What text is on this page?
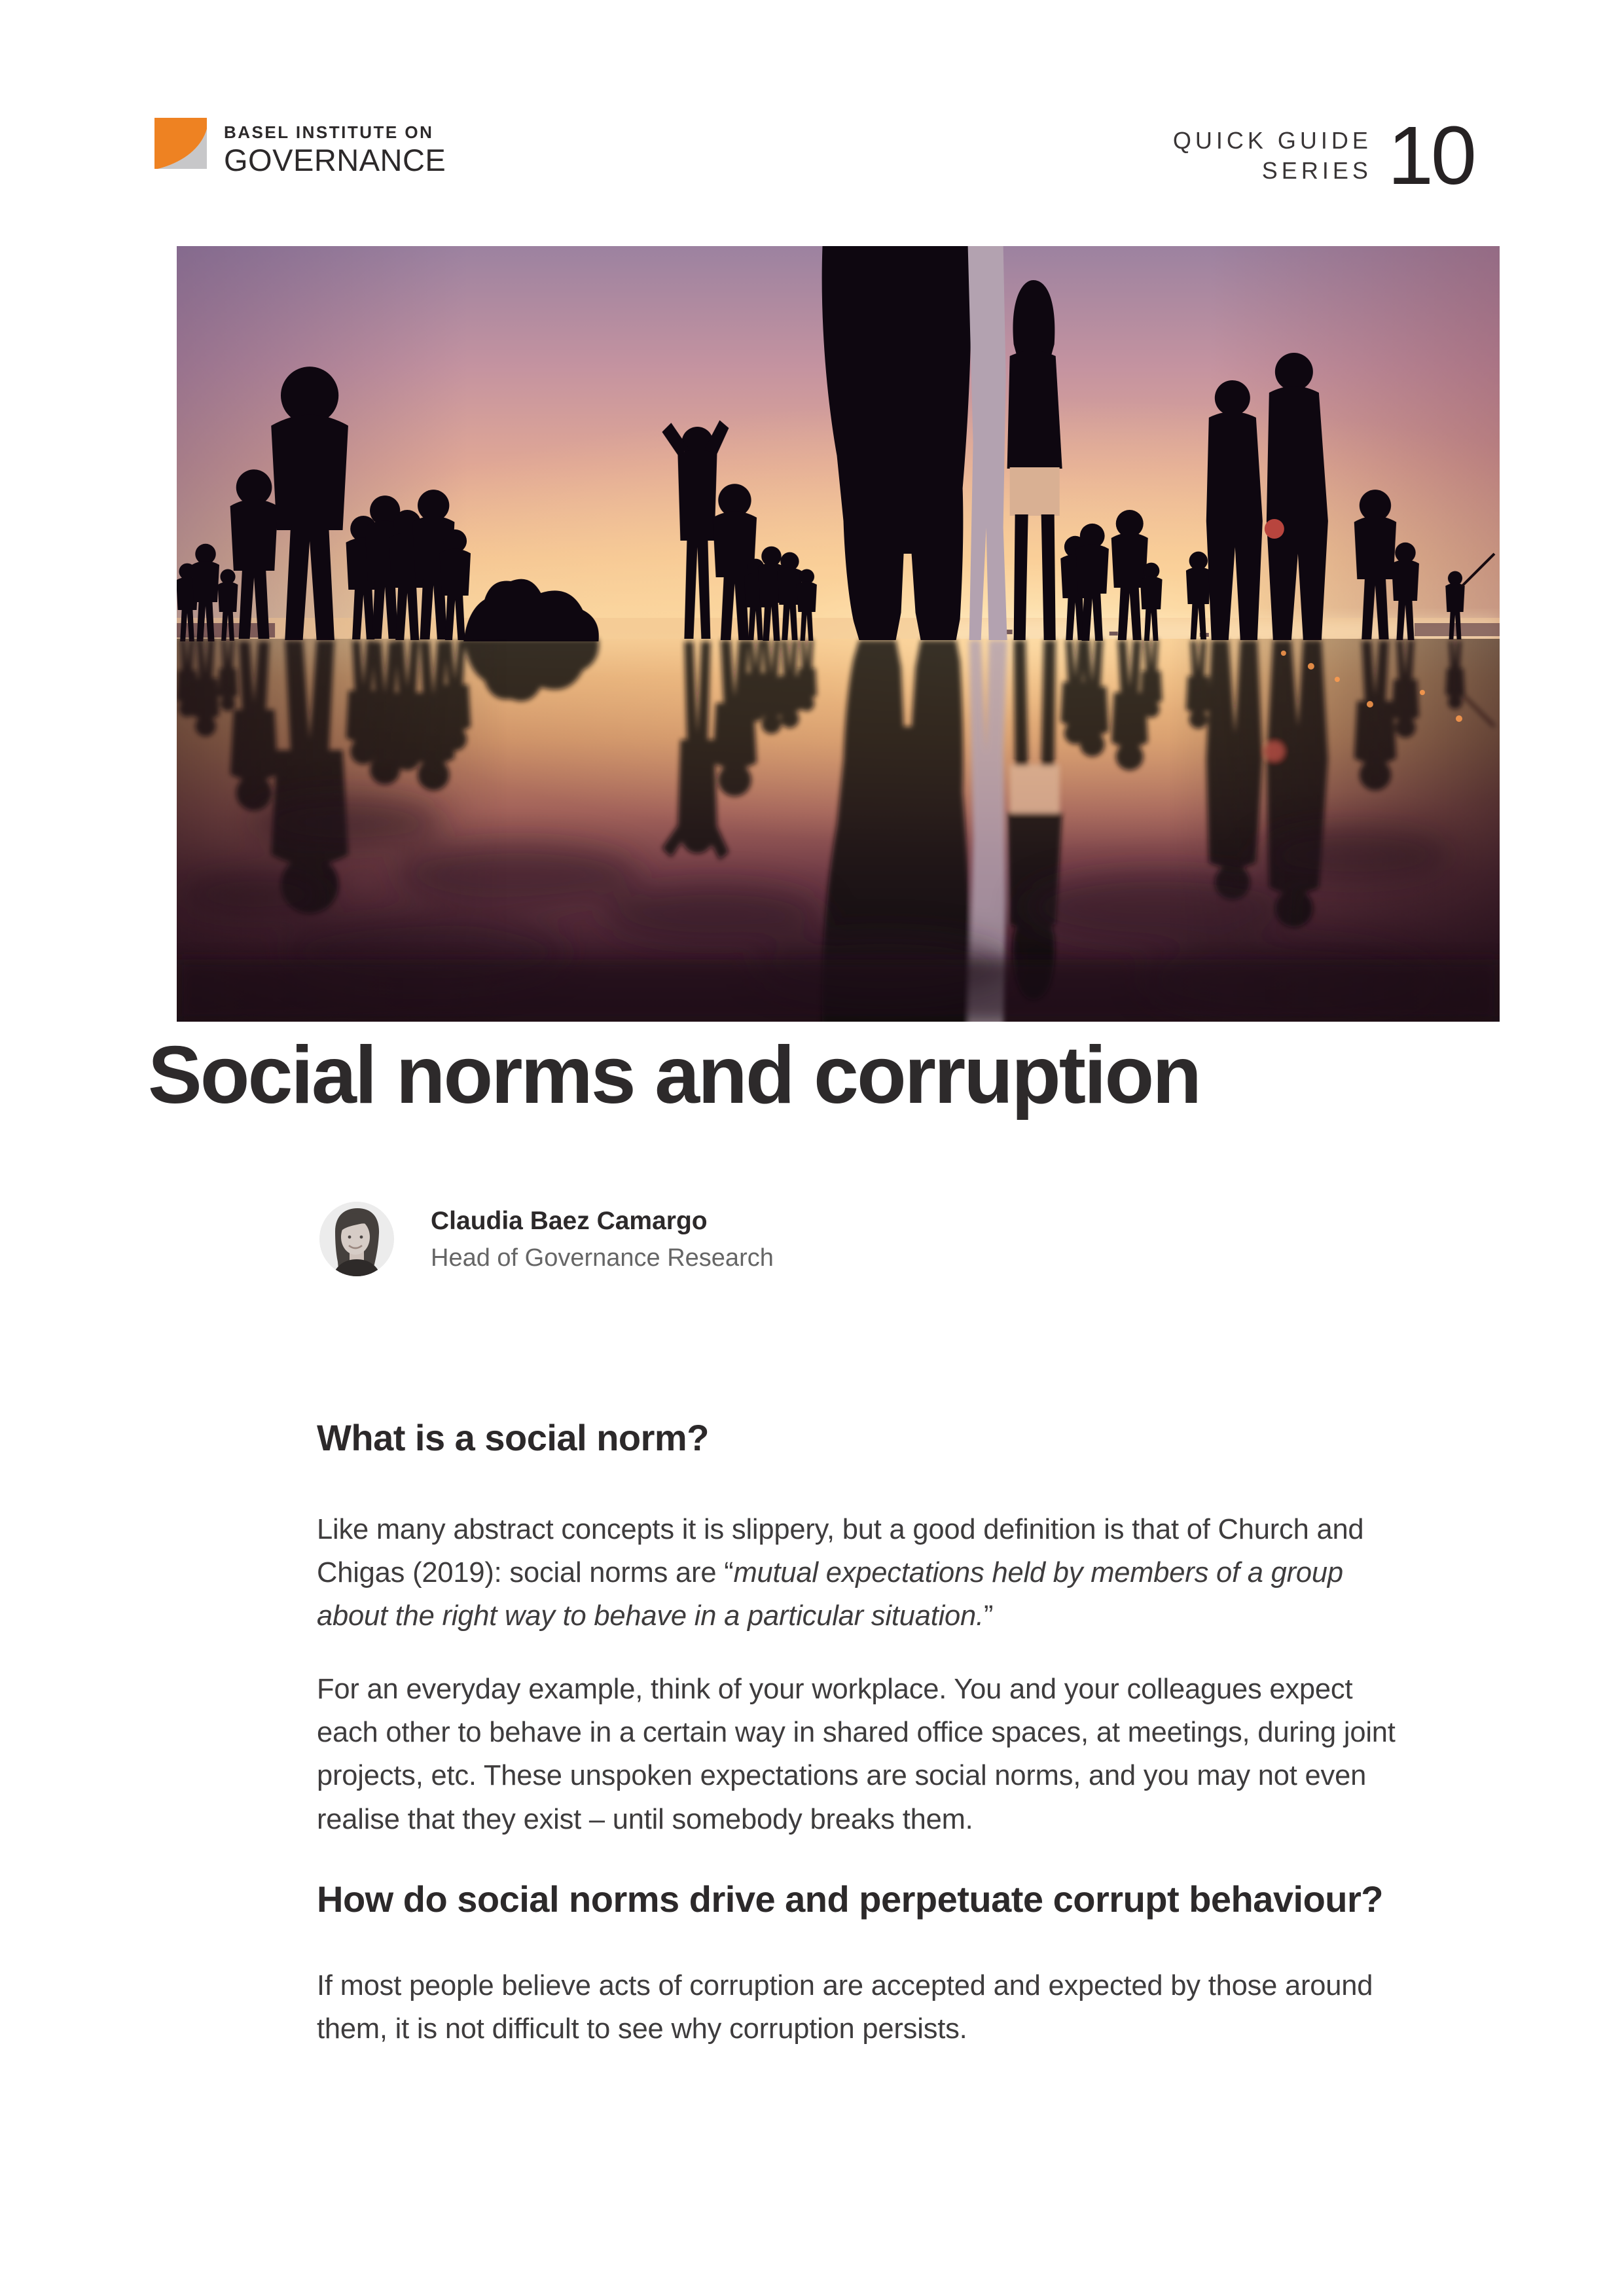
BASEL INSTITUTE ON
GOVERNANCE
QUICK GUIDE
SERIES 10
Social norms and corruption
Claudia Baez Camargo
Head of Governance Research
What is a social norm?

Like many abstract concepts it is slippery, but a good definition is that of Church and Chigas (2019): social norms are “mutual expectations held by members of a group about the right way to behave in a particular situation.”

For an everyday example, think of your workplace. You and your colleagues expect each other to behave in a certain way in shared office spaces, at meetings, during joint projects, etc. These unspoken expectations are social norms, and you may not even realise that they exist – until somebody breaks them.

How do social norms drive and perpetuate corrupt behaviour?

If most people believe acts of corruption are accepted and expected by those around them, it is not difficult to see why corruption persists.
